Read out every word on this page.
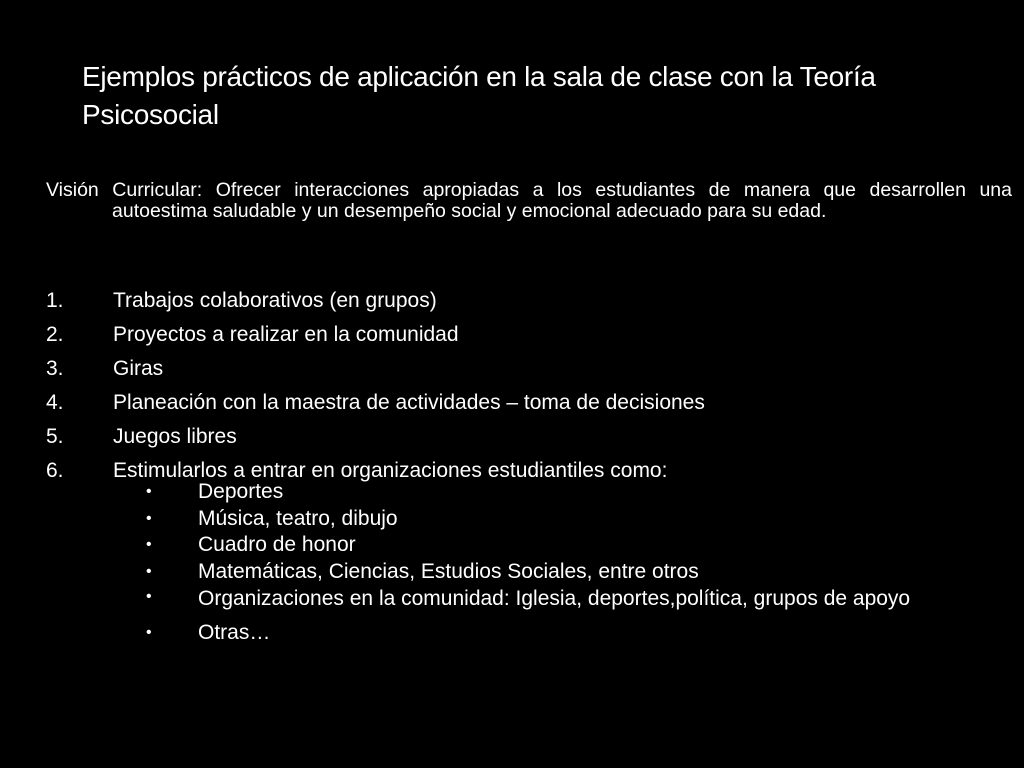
Ejemplos prácticos de aplicación en la sala de clase con la Teoría Psicosocial

Visión Curricular: Ofrecer interacciones apropiadas a los estudiantes de manera que desarrollen una autoestima saludable y un desempeño social y emocional adecuado para su edad.

1. Trabajos colaborativos (en grupos)
2. Proyectos a realizar en la comunidad
3. Giras
4. Planeación con la maestra de actividades – toma de decisiones
5. Juegos libres
6. Estimularlos a entrar en organizaciones estudiantiles como:
• Deportes
• Música, teatro, dibujo
• Cuadro de honor
• Matemáticas, Ciencias, Estudios Sociales, entre otros
• Organizaciones en la comunidad: Iglesia, deportes,política, grupos de apoyo
• Otras…
